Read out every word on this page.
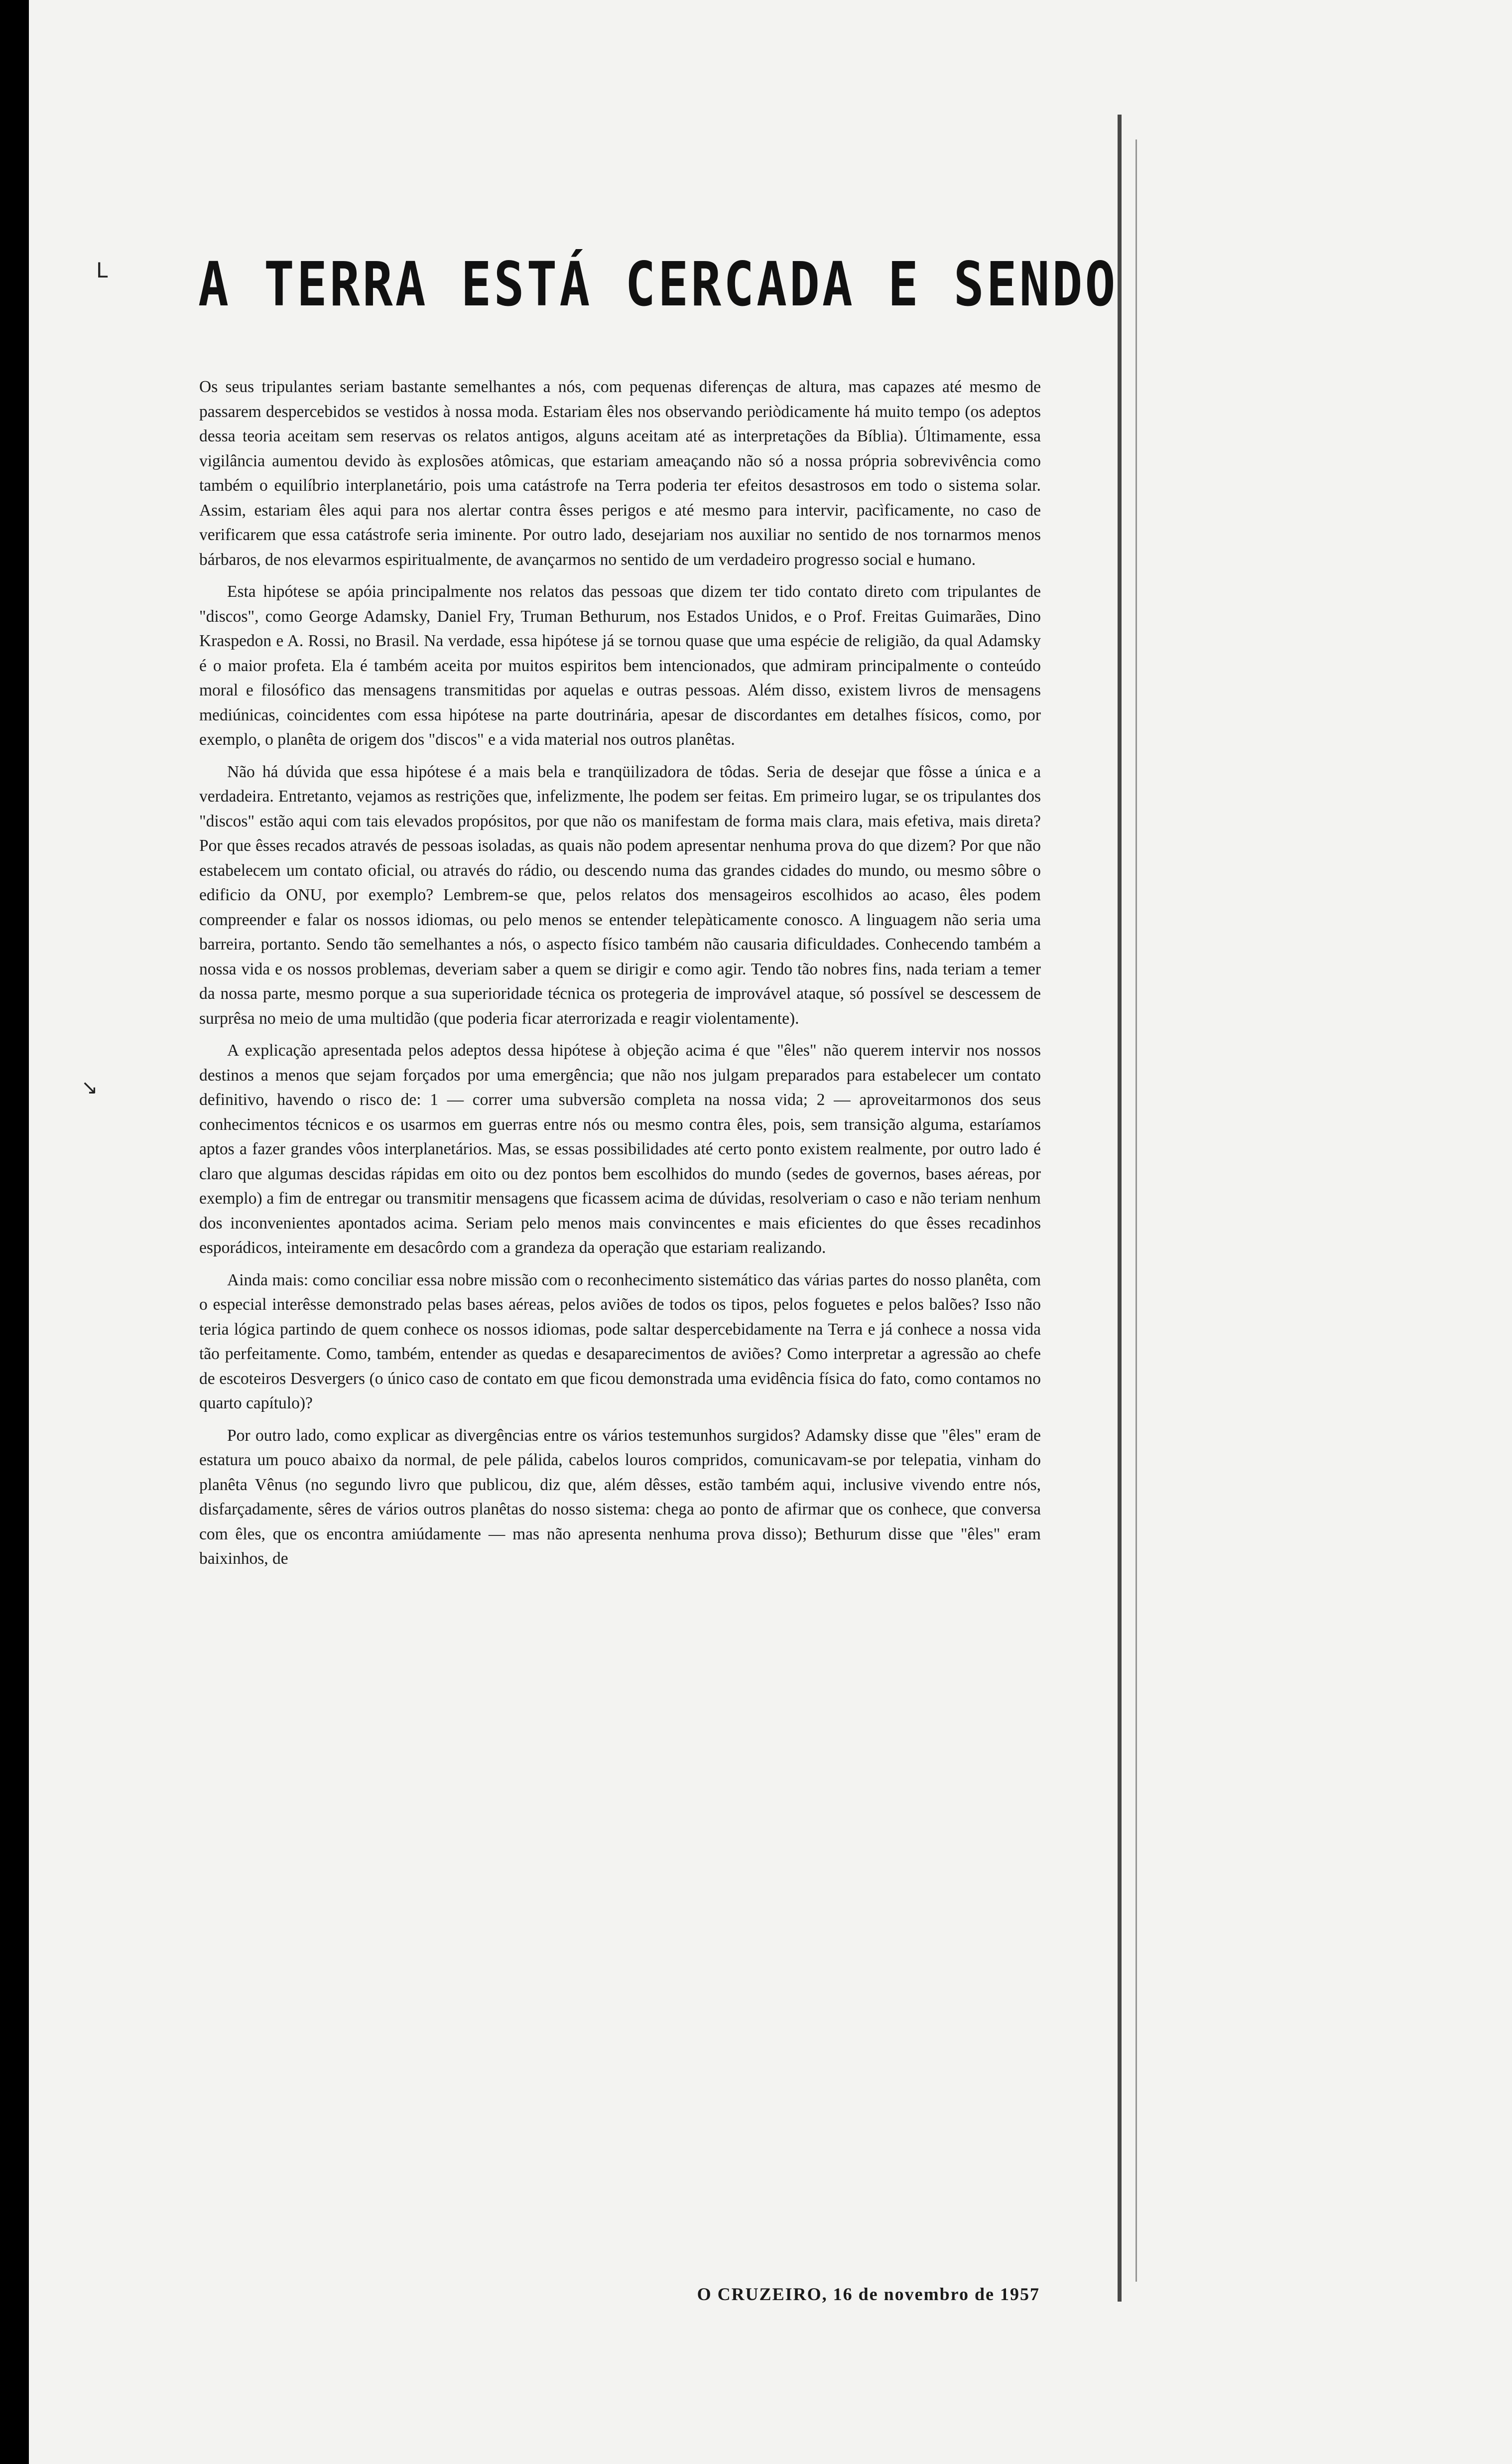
L
↘
A TERRA ESTÁ CERCADA E SENDO

Os seus tripulantes seriam bastante semelhantes a nós, com pequenas diferenças de altura, mas capazes até mesmo de passarem despercebidos se vestidos à nossa moda. Estariam êles nos observando periòdicamente há muito tempo (os adeptos dessa teoria aceitam sem reservas os relatos antigos, alguns aceitam até as interpretações da Bíblia). Últimamente, essa vigilância aumentou devido às explosões atômicas, que estariam ameaçando não só a nossa própria sobrevivência como também o equilíbrio interplanetário, pois uma catástrofe na Terra poderia ter efeitos desastrosos em todo o sistema solar. Assim, estariam êles aqui para nos alertar contra êsses perigos e até mesmo para intervir, pacìficamente, no caso de verificarem que essa catástrofe seria iminente. Por outro lado, desejariam nos auxiliar no sentido de nos tornarmos menos bárbaros, de nos elevarmos espiritualmente, de avançarmos no sentido de um verdadeiro progresso social e humano.

Esta hipótese se apóia principalmente nos relatos das pessoas que dizem ter tido contato direto com tripulantes de "discos", como George Adamsky, Daniel Fry, Truman Bethurum, nos Estados Unidos, e o Prof. Freitas Guimarães, Dino Kraspedon e A. Rossi, no Brasil. Na verdade, essa hipótese já se tornou quase que uma espécie de religião, da qual Adamsky é o maior profeta. Ela é também aceita por muitos espiritos bem intencionados, que admiram principalmente o conteúdo moral e filosófico das mensagens transmitidas por aquelas e outras pessoas. Além disso, existem livros de mensagens mediúnicas, coincidentes com essa hipótese na parte doutrinária, apesar de discordantes em detalhes físicos, como, por exemplo, o planêta de origem dos "discos" e a vida material nos outros planêtas.

Não há dúvida que essa hipótese é a mais bela e tranqüilizadora de tôdas. Seria de desejar que fôsse a única e a verdadeira. Entretanto, vejamos as restrições que, infelizmente, lhe podem ser feitas. Em primeiro lugar, se os tripulantes dos "discos" estão aqui com tais elevados propósitos, por que não os manifestam de forma mais clara, mais efetiva, mais direta? Por que êsses recados através de pessoas isoladas, as quais não podem apresentar nenhuma prova do que dizem? Por que não estabelecem um contato oficial, ou através do rádio, ou descendo numa das grandes cidades do mundo, ou mesmo sôbre o edificio da ONU, por exemplo? Lembrem-se que, pelos relatos dos mensageiros escolhidos ao acaso, êles podem compreender e falar os nossos idiomas, ou pelo menos se entender telepàticamente conosco. A linguagem não seria uma barreira, portanto. Sendo tão semelhantes a nós, o aspecto físico também não causaria dificuldades. Conhecendo também a nossa vida e os nossos problemas, deveriam saber a quem se dirigir e como agir. Tendo tão nobres fins, nada teriam a temer da nossa parte, mesmo porque a sua superioridade técnica os protegeria de improvável ataque, só possível se descessem de surprêsa no meio de uma multidão (que poderia ficar aterrorizada e reagir violentamente).

A explicação apresentada pelos adeptos dessa hipótese à objeção acima é que "êles" não querem intervir nos nossos destinos a menos que sejam forçados por uma emergência; que não nos julgam preparados para estabelecer um contato definitivo, havendo o risco de: 1 — correr uma subversão completa na nossa vida; 2 — aproveitarmonos dos seus conhecimentos técnicos e os usarmos em guerras entre nós ou mesmo contra êles, pois, sem transição alguma, estaríamos aptos a fazer grandes vôos interplanetários. Mas, se essas possibilidades até certo ponto existem realmente, por outro lado é claro que algumas descidas rápidas em oito ou dez pontos bem escolhidos do mundo (sedes de governos, bases aéreas, por exemplo) a fim de entregar ou transmitir mensagens que ficassem acima de dúvidas, resolveriam o caso e não teriam nenhum dos inconvenientes apontados acima. Seriam pelo menos mais convincentes e mais eficientes do que êsses recadinhos esporádicos, inteiramente em desacôrdo com a grandeza da operação que estariam realizando.

Ainda mais: como conciliar essa nobre missão com o reconhecimento sistemático das várias partes do nosso planêta, com o especial interêsse demonstrado pelas bases aéreas, pelos aviões de todos os tipos, pelos foguetes e pelos balões? Isso não teria lógica partindo de quem conhece os nossos idiomas, pode saltar despercebidamente na Terra e já conhece a nossa vida tão perfeitamente. Como, também, entender as quedas e desaparecimentos de aviões? Como interpretar a agressão ao chefe de escoteiros Desvergers (o único caso de contato em que ficou demonstrada uma evidência física do fato, como contamos no quarto capítulo)?

Por outro lado, como explicar as divergências entre os vários testemunhos surgidos? Adamsky disse que "êles" eram de estatura um pouco abaixo da normal, de pele pálida, cabelos louros compridos, comunicavam-se por telepatia, vinham do planêta Vênus (no segundo livro que publicou, diz que, além dêsses, estão também aqui, inclusive vivendo entre nós, disfarçadamente, sêres de vários outros planêtas do nosso sistema: chega ao ponto de afirmar que os conhece, que conversa com êles, que os encontra amiúdamente — mas não apresenta nenhuma prova disso); Bethurum disse que "êles" eram baixinhos, de

O CRUZEIRO, 16 de novembro de 1957
